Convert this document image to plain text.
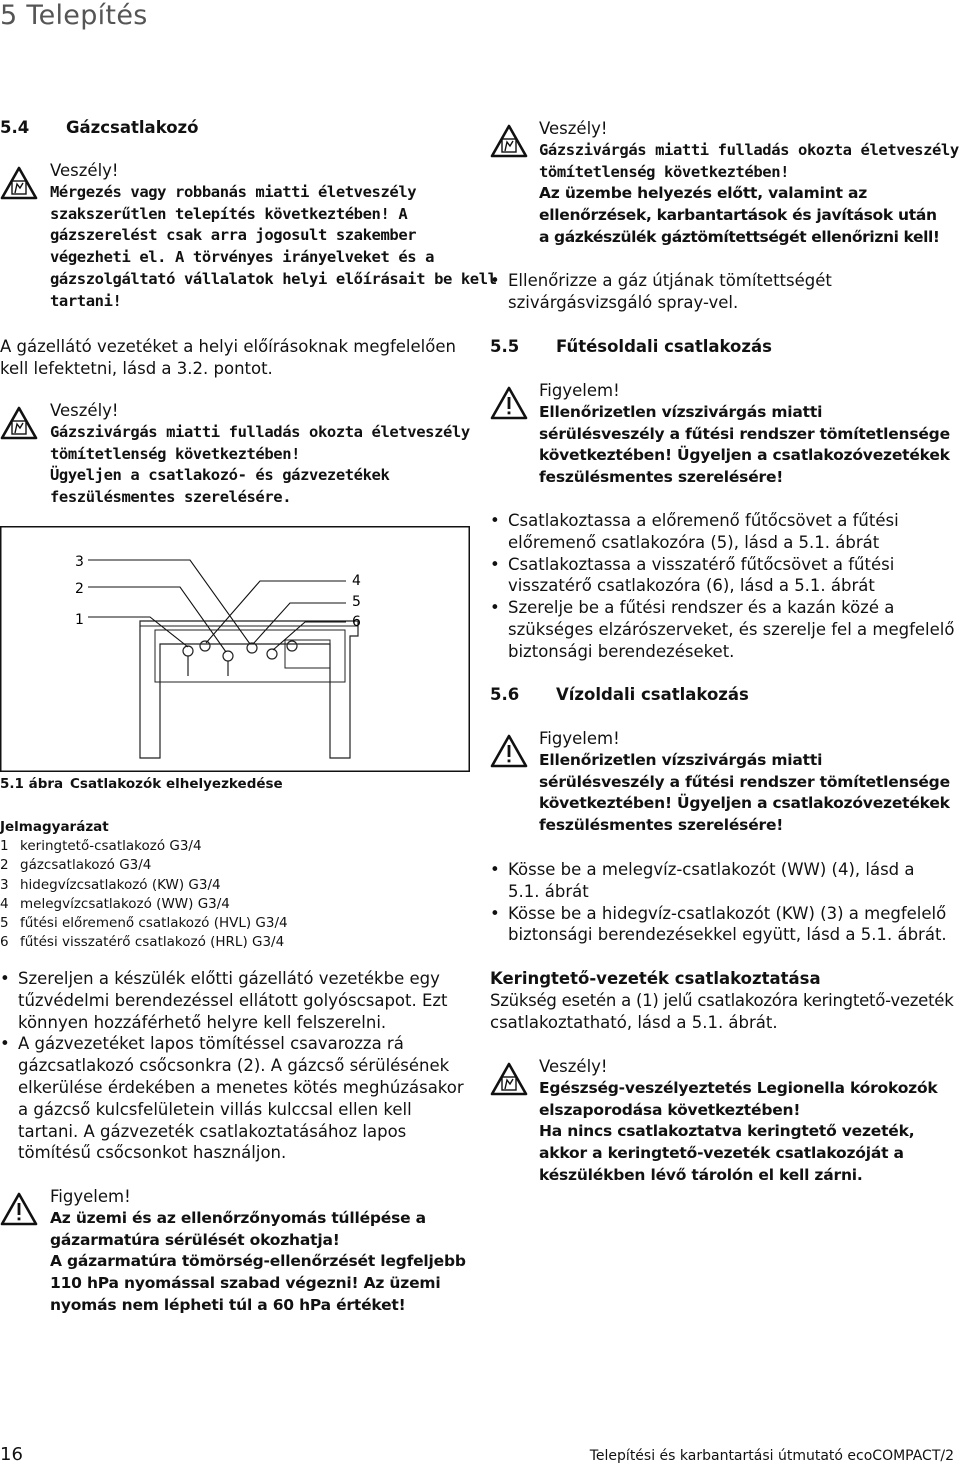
5 Telepítés
5.4 Gázcsatlakozó
Veszély!
Mérgezés vagy robbanás miatti életveszély
szakszerűtlen telepítés következtében! A
gázszerelést csak arra jogosult szakember
végezheti el. A törvényes irányelveket és a
gázszolgáltató vállalatok helyi előírásait be kell
tartani!
A gázellátó vezetéket a helyi előírásoknak megfelelően
kell lefektetni, lásd a 3.2. pontot.
Veszély!
Gázszivárgás miatti fulladás okozta életveszély
tömítetlenség következtében!
Ügyeljen a csatlakozó- és gázvezetékek
feszülésmentes szerelésére.
3
2
1
4
5
6
5.1 ábra Csatlakozók elhelyezkedése
Jelmagyarázat
1 keringtető-csatlakozó G3/4
2 gázcsatlakozó G3/4
3 hidegvízcsatlakozó (KW) G3/4
4 melegvízcsatlakozó (WW) G3/4
5 fűtési előremenő csatlakozó (HVL) G3/4
6 fűtési visszatérő csatlakozó (HRL) G3/4
• Szereljen a készülék előtti gázellátó vezetékbe egy
tűzvédelmi berendezéssel ellátott golyóscsapot. Ezt
könnyen hozzáférhető helyre kell felszerelni.
• A gázvezetéket lapos tömítéssel csavarozza rá
gázcsatlakozó csőcsonkra (2). A gázcső sérülésének
elkerülése érdekében a menetes kötés meghúzásakor
a gázcső kulcsfelületein villás kulccsal ellen kell
tartani. A gázvezeték csatlakoztatásához lapos
tömítésű csőcsonkot használjon.
Figyelem!
Az üzemi és az ellenőrzőnyomás túllépése a
gázarmatúra sérülését okozhatja!
A gázarmatúra tömörség-ellenőrzését legfeljebb
110 hPa nyomással szabad végezni! Az üzemi
nyomás nem lépheti túl a 60 hPa értéket!
Veszély!
Gázszivárgás miatti fulladás okozta életveszély
tömítetlenség következtében!
Az üzembe helyezés előtt, valamint az
ellenőrzések, karbantartások és javítások után
a gázkészülék gáztömítettségét ellenőrizni kell!
• Ellenőrizze a gáz útjának tömítettségét
szivárgásvizsgáló spray-vel.
5.5 Fűtésoldali csatlakozás
Figyelem!
Ellenőrizetlen vízszivárgás miatti
sérülésveszély a fűtési rendszer tömítetlensége
következtében! Ügyeljen a csatlakozóvezetékek
feszülésmentes szerelésére!
• Csatlakoztassa a előremenő fűtőcsövet a fűtési
előremenő csatlakozóra (5), lásd a 5.1. ábrát
• Csatlakoztassa a visszatérő fűtőcsövet a fűtési
visszatérő csatlakozóra (6), lásd a 5.1. ábrát
• Szerelje be a fűtési rendszer és a kazán közé a
szükséges elzárószerveket, és szerelje fel a megfelelő
biztonsági berendezéseket.
5.6 Vízoldali csatlakozás
Figyelem!
Ellenőrizetlen vízszivárgás miatti
sérülésveszély a fűtési rendszer tömítetlensége
következtében! Ügyeljen a csatlakozóvezetékek
feszülésmentes szerelésére!
• Kösse be a melegvíz-csatlakozót (WW) (4), lásd a
5.1. ábrát
• Kösse be a hidegvíz-csatlakozót (KW) (3) a megfelelő
biztonsági berendezésekkel együtt, lásd a 5.1. ábrát.
Keringtető-vezeték csatlakoztatása
Szükség esetén a (1) jelű csatlakozóra keringtető-vezeték
csatlakoztatható, lásd a 5.1. ábrát.
Veszély!
Egészség-veszélyeztetés Legionella kórokozók
elszaporodása következtében!
Ha nincs csatlakoztatva keringtető vezeték,
akkor a keringtető-vezeték csatlakozóját a
készülékben lévő tárolón el kell zárni.
16	Telepítési és karbantartási útmutató ecoCOMPACT/2
